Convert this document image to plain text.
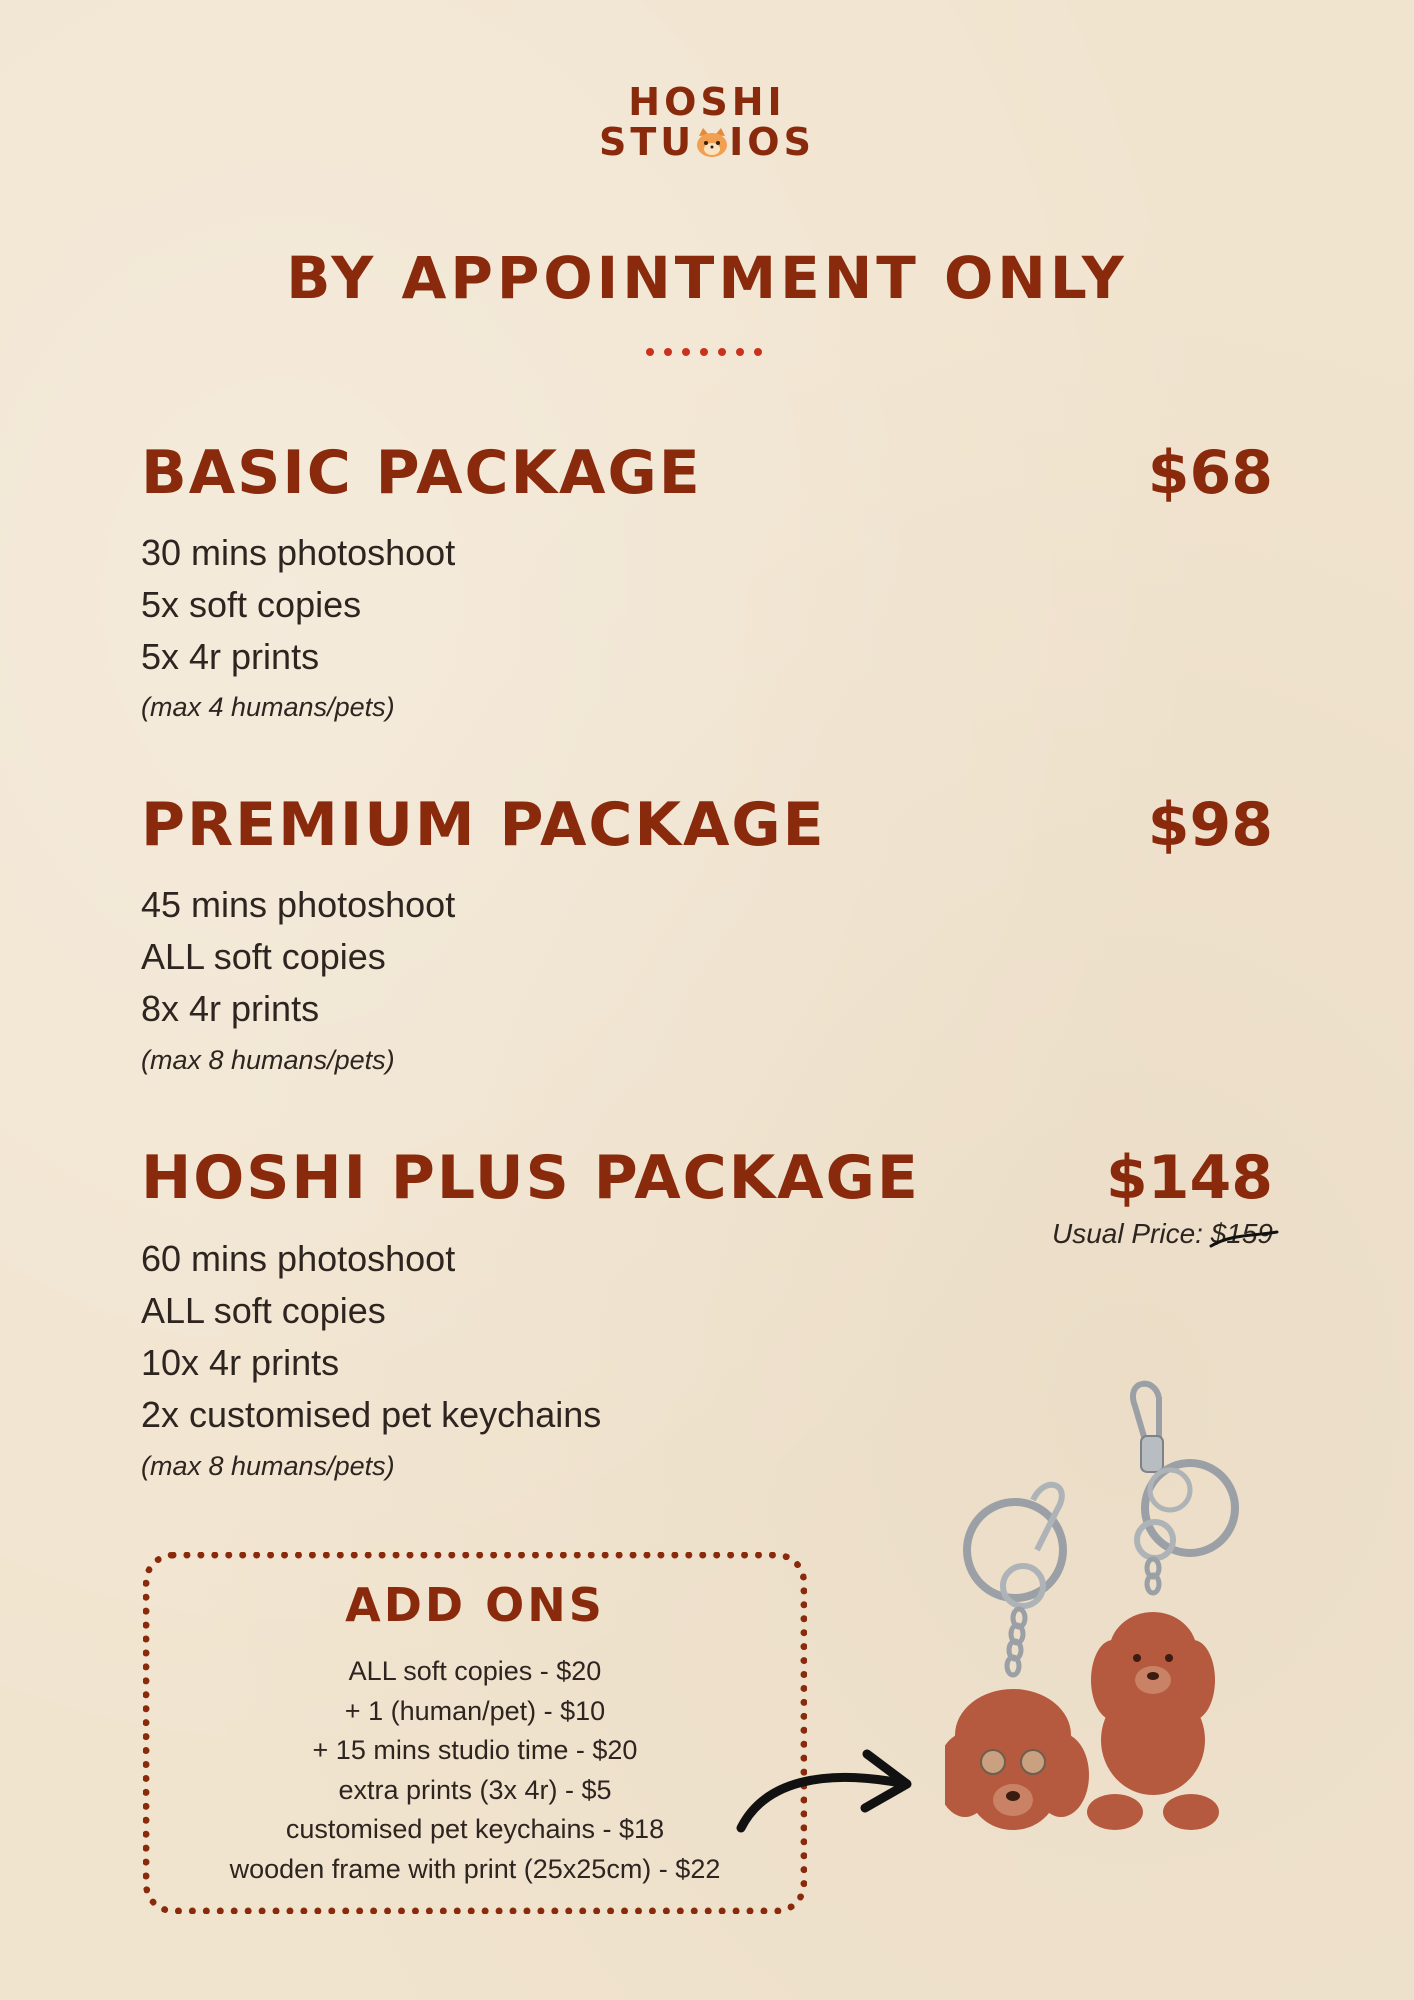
HOSHI
STU IOS
BY APPOINTMENT ONLY
BASIC PACKAGE	$68
30 mins photoshoot
5x soft copies
5x 4r prints
(max 4 humans/pets)
PREMIUM PACKAGE	$98
45 mins photoshoot
ALL soft copies
8x 4r prints
(max 8 humans/pets)
HOSHI PLUS PACKAGE	$148
Usual Price: $159
60 mins photoshoot
ALL soft copies
10x 4r prints
2x customised pet keychains
(max 8 humans/pets)
ADD ONS
ALL soft copies - $20
+ 1 (human/pet) - $10
+ 15 mins studio time - $20
extra prints (3x 4r) - $5
customised pet keychains - $18
wooden frame with print (25x25cm) - $22
